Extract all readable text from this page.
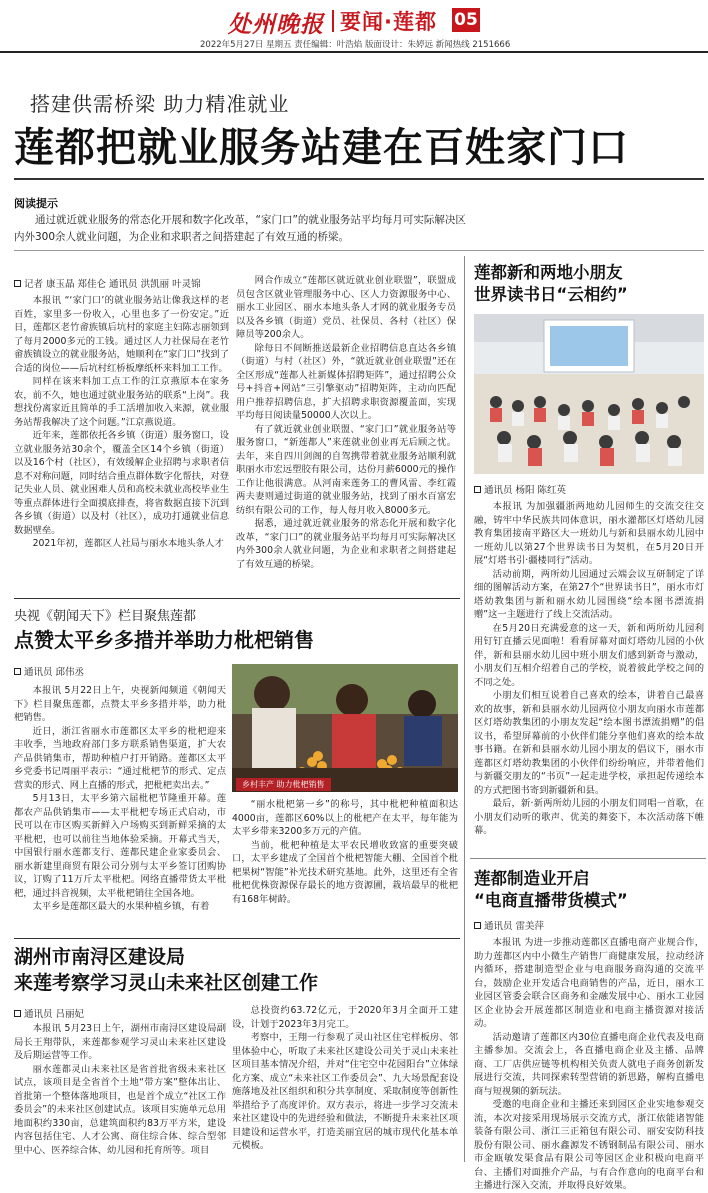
处州晚报 要闻·莲都 05
2022年5月27日 星期五 责任编辑：叶浩焰 版面设计：朱婷远 新闻热线 2151666
搭建供需桥梁 助力精准就业
莲都把就业服务站建在百姓家门口
阅读提示
通过就近就业服务的常态化开展和数字化改革，“家门口”的就业服务站平均每月可实际解决区内外300余人就业问题，为企业和求职者之间搭建起了有效互通的桥梁。
记者 康玉晶 郑佳仑 通讯员 洪凯丽 叶灵锦

本报讯 “‘家门口’的就业服务站让像我这样的老百姓，家里多一份收入，心里也多了一份安定。”近日，莲都区老竹畲族镇后坑村的家庭主妇陈志丽领到了每月2000多元的工钱。通过区人力社保局在老竹畲族镇设立的就业服务站，她顺利在“家门口”找到了合适的岗位——后坑村红桥板摩纸杯来料加工工作。

同样在该来料加工点工作的江京燕原本在家务农，前不久，她也通过就业服务站的联系“上岗”。我想找份离家近且简单的手工活增加收入来源，就业服务站帮我解决了这个问题。”江京燕说道。

近年来，莲都依托各乡镇（街道）服务窗口，设立就业服务站30余个，覆盖全区14个乡镇（街道）以及16个村（社区），有效缓解企业招聘与求职者信息不对称问题，同时结合重点群体数字化帮扶，对登记失业人员、就业困难人员和高校未就业高校毕业生等重点群体进行全面摸底排查，将省数据直接下沉到各乡镇（街道）以及村（社区），成功打通就业信息数据壁垒。

2021年初，莲都区人社局与丽水本地头条人才

网合作成立“莲都区就近就业创业联盟”，联盟成员包含区就业管理服务中心、区人力资源服务中心、丽水工业园区、丽水本地头条人才网的就业服务专员以及各乡镇（街道）党员、社保员、各村（社区）保障员等200余人。

除每日不间断推送最新企业招聘信息直达各乡镇（街道）与村（社区）外，“就近就业创业联盟”还在全区形成“莲都人社新媒体招聘矩阵”，通过招聘公众号+抖音+网站“三引擎驱动”招聘矩阵，主动向匹配用户推荐招聘信息，扩大招聘求职资源覆盖面，实现平均每日阅读量50000人次以上。

有了就近就业创业联盟、“家门口”就业服务站等服务窗口，“新莲都人”来莲就业创业再无后顾之忧。去年，来自四川剑阁的自驾携带着就业服务站顺利就职丽水市宏远塑胶有限公司，达份月薪6000元的操作工作让他很满意。从河南来莲务工的曹风雷、李红霞两夫妻则通过街道的就业服务站，找到了丽水百富宏纺织有限公司的工作，每人每月收入8000多元。

据悉，通过就近就业服务的常态化开展和数字化改革，“家门口”的就业服务站平均每月可实际解决区内外300余人就业问题，为企业和求职者之间搭建起了有效互通的桥梁。

莲都新和两地小朋友
世界读书日“云相约”
通讯员 杨阳 陈红英

本报讯 为加强疆浙两地幼儿园师生的交流交往交融，铸牢中华民族共同体意识，丽水灌都区灯塔幼儿园教育集团接南平路区大一班幼儿与新和县丽水幼儿园中一班幼儿以第27个世界读书日为契机，在5月20日开展“灯塔书引·疆楼同行”活动。

活动前期，两所幼儿园通过云端会议互研制定了详细的图解活动方案，在第27个“世界读书日”，丽水市灯塔幼教集团与新和丽水幼儿园围绕“绘本图书漂流捐赠”这一主题进行了线上交流活动。

在5月20日充满爱意的这一天，新和两所幼儿园利用钉钉直播云见面啦！看看屏幕对面灯塔幼儿园的小伙伴，新和县丽水幼儿园中班小朋友们感到新奇与激动，小朋友们互相介绍着自己的学校，说着彼此学校之间的不同之处。

小朋友们相互说着自己喜欢的绘本，讲着自己最喜欢的故事，新和县丽水幼儿园两位小朋友向丽水市莲都区灯塔幼教集团的小朋友发起“绘本图书漂流捐赠”的倡议书，希望屏幕前的小伙伴们能分享他们喜欢的绘本故事书籍。在新和县丽水幼儿园小朋友的倡议下，丽水市莲都区灯塔幼教集团的小伙伴们纷纷响应，并带着他们与新疆交朋友的“书页”一起走进学校，承担起传递绘本的方式把图书寄到新疆新和县。

最后，新·新两所幼儿园的小朋友们同唱一首歌，在小朋友们动听的歌声、优美的舞姿下，本次活动落下帷幕。

央视《朝闻天下》栏目聚焦莲都
点赞太平乡多措并举助力枇杷销售
通讯员 邱伟丞

本报讯 5月22日上午，央视新闻频道《朝闻天下》栏目聚焦莲都，点赞太平乡多措并举，助力枇杷销售。

近日，浙江省丽水市莲都区太平乡的枇杷迎来丰收季，当地政府部门多方联系销售渠道，扩大农产品供销集市，帮助种植户打开销路。莲都区太平乡党委书记周丽平表示：“通过枇杷节的形式、定点营卖的形式、网上直播的形式，把枇杷卖出去。”

5月13日，太平乡第六届枇杷节隆重开幕。莲都农产品供销集市——太平枇杷专场正式启动，市民可以在市区购买新鲜入户场购买到新鲜采摘的太平枇杷，也可以前往当地体验采摘。开幕式当天，中国银行丽水莲都支行、莲都民建企业家委员会、丽水新建里商贸有限公司分别与太平乡签订团购协议，订购了11万斤太平枇杷。网络直播带货太平枇杷，通过抖音视频，太平枇杷销往全国各地。

太平乡是莲都区最大的水果种植乡镇，有着

乡村丰产 助力枇杷销售

“丽水枇杷第一乡”的称号，其中枇杷种植面积达4000亩，莲都区60%以上的枇杷产在太平，每年能为太平乡带来3200多万元的产值。

当前，枇杷种植是太平农民增收致富的重要突破口，太平乡建成了全国首个枇杷智能大棚、全国首个枇杷果树“智能”补光技术研究基地。此外，这里还有全省枇杷优株资源保存最长的地方资源圃，栽培最早的枇杷有168年树龄。

莲都制造业开启
“电商直播带货模式”
通讯员 雷美萍

本报讯 为进一步推动莲都区直播电商产业规合作，助力莲都区内中小微生产销售厂商健康发展，拉动经济内循环，搭建制造型企业与电商服务商沟通的交流平台，鼓励企业开发适合电商销售的产品，近日，丽水工业园区管委会联合区商务和金融发展中心、丽水工业园区企业协会开展莲都区制造业和电商主播资源对接活动。

活动邀请了莲都区内30位直播电商企业代表及电商主播参加。交流会上，各直播电商企业及主播、品牌商、工厂店供应链等机构相关负责人就电子商务创新发展进行交流，共同探索转型营销的新思路，解构直播电商与短视频的新玩法。

受邀的电商企业和主播还来到园区企业实地参观交流，本次对接采用现场展示交流方式，浙江依能诸智能装备有限公司、浙江三正箱包有限公司、丽安安防科技股份有限公司、丽水鑫源发不锈钢制品有限公司、丽水市金瓯敏发渠食品有限公司等园区企业积极向电商平台、主播们对面推介产品，与有合作意向的电商平台和主播进行深入交流，并取得良好效果。

湖州市南浔区建设局
来莲考察学习灵山未来社区创建工作
通讯员 吕丽妃

本报讯 5月23日上午，湖州市南浔区建设局副局长王翔带队，来莲都参观学习灵山未来社区建设及后期运营等工作。

丽水莲都灵山未来社区是省首批省级未来社区试点，该项目是全省首个土地“带方案”整体出让、首批第一个整体落地项目，也是首个成立“社区工作委员会”的未来社区创建试点。该项目实施单元总用地面积约330亩，总建筑面积约83万平方米，建设内容包括住宅、人才公寓、商住综合体、综合型邻里中心、医养综合体、幼儿园和托育所等。项目

总投资约63.72亿元，于2020年3月全面开工建设，计划于2023年3月完工。

考察中，王翔一行参观了灵山社区住宅样板房、邻里体验中心，听取了未来社区建设公司关于灵山未来社区项目基本情况介绍，并对“住宅空中花园阳台”立体绿化方案、成立“未来社区工作委员会”、九大场景配套设施落地及社区组织和积分共享制度、采取制度等创新性举措给予了高度评价。双方表示，将进一步学习交流未来社区建设中的先进经验和做法，不断提升未来社区项目建设和运营水平，打造美丽宜居的城市现代化基本单元模板。
